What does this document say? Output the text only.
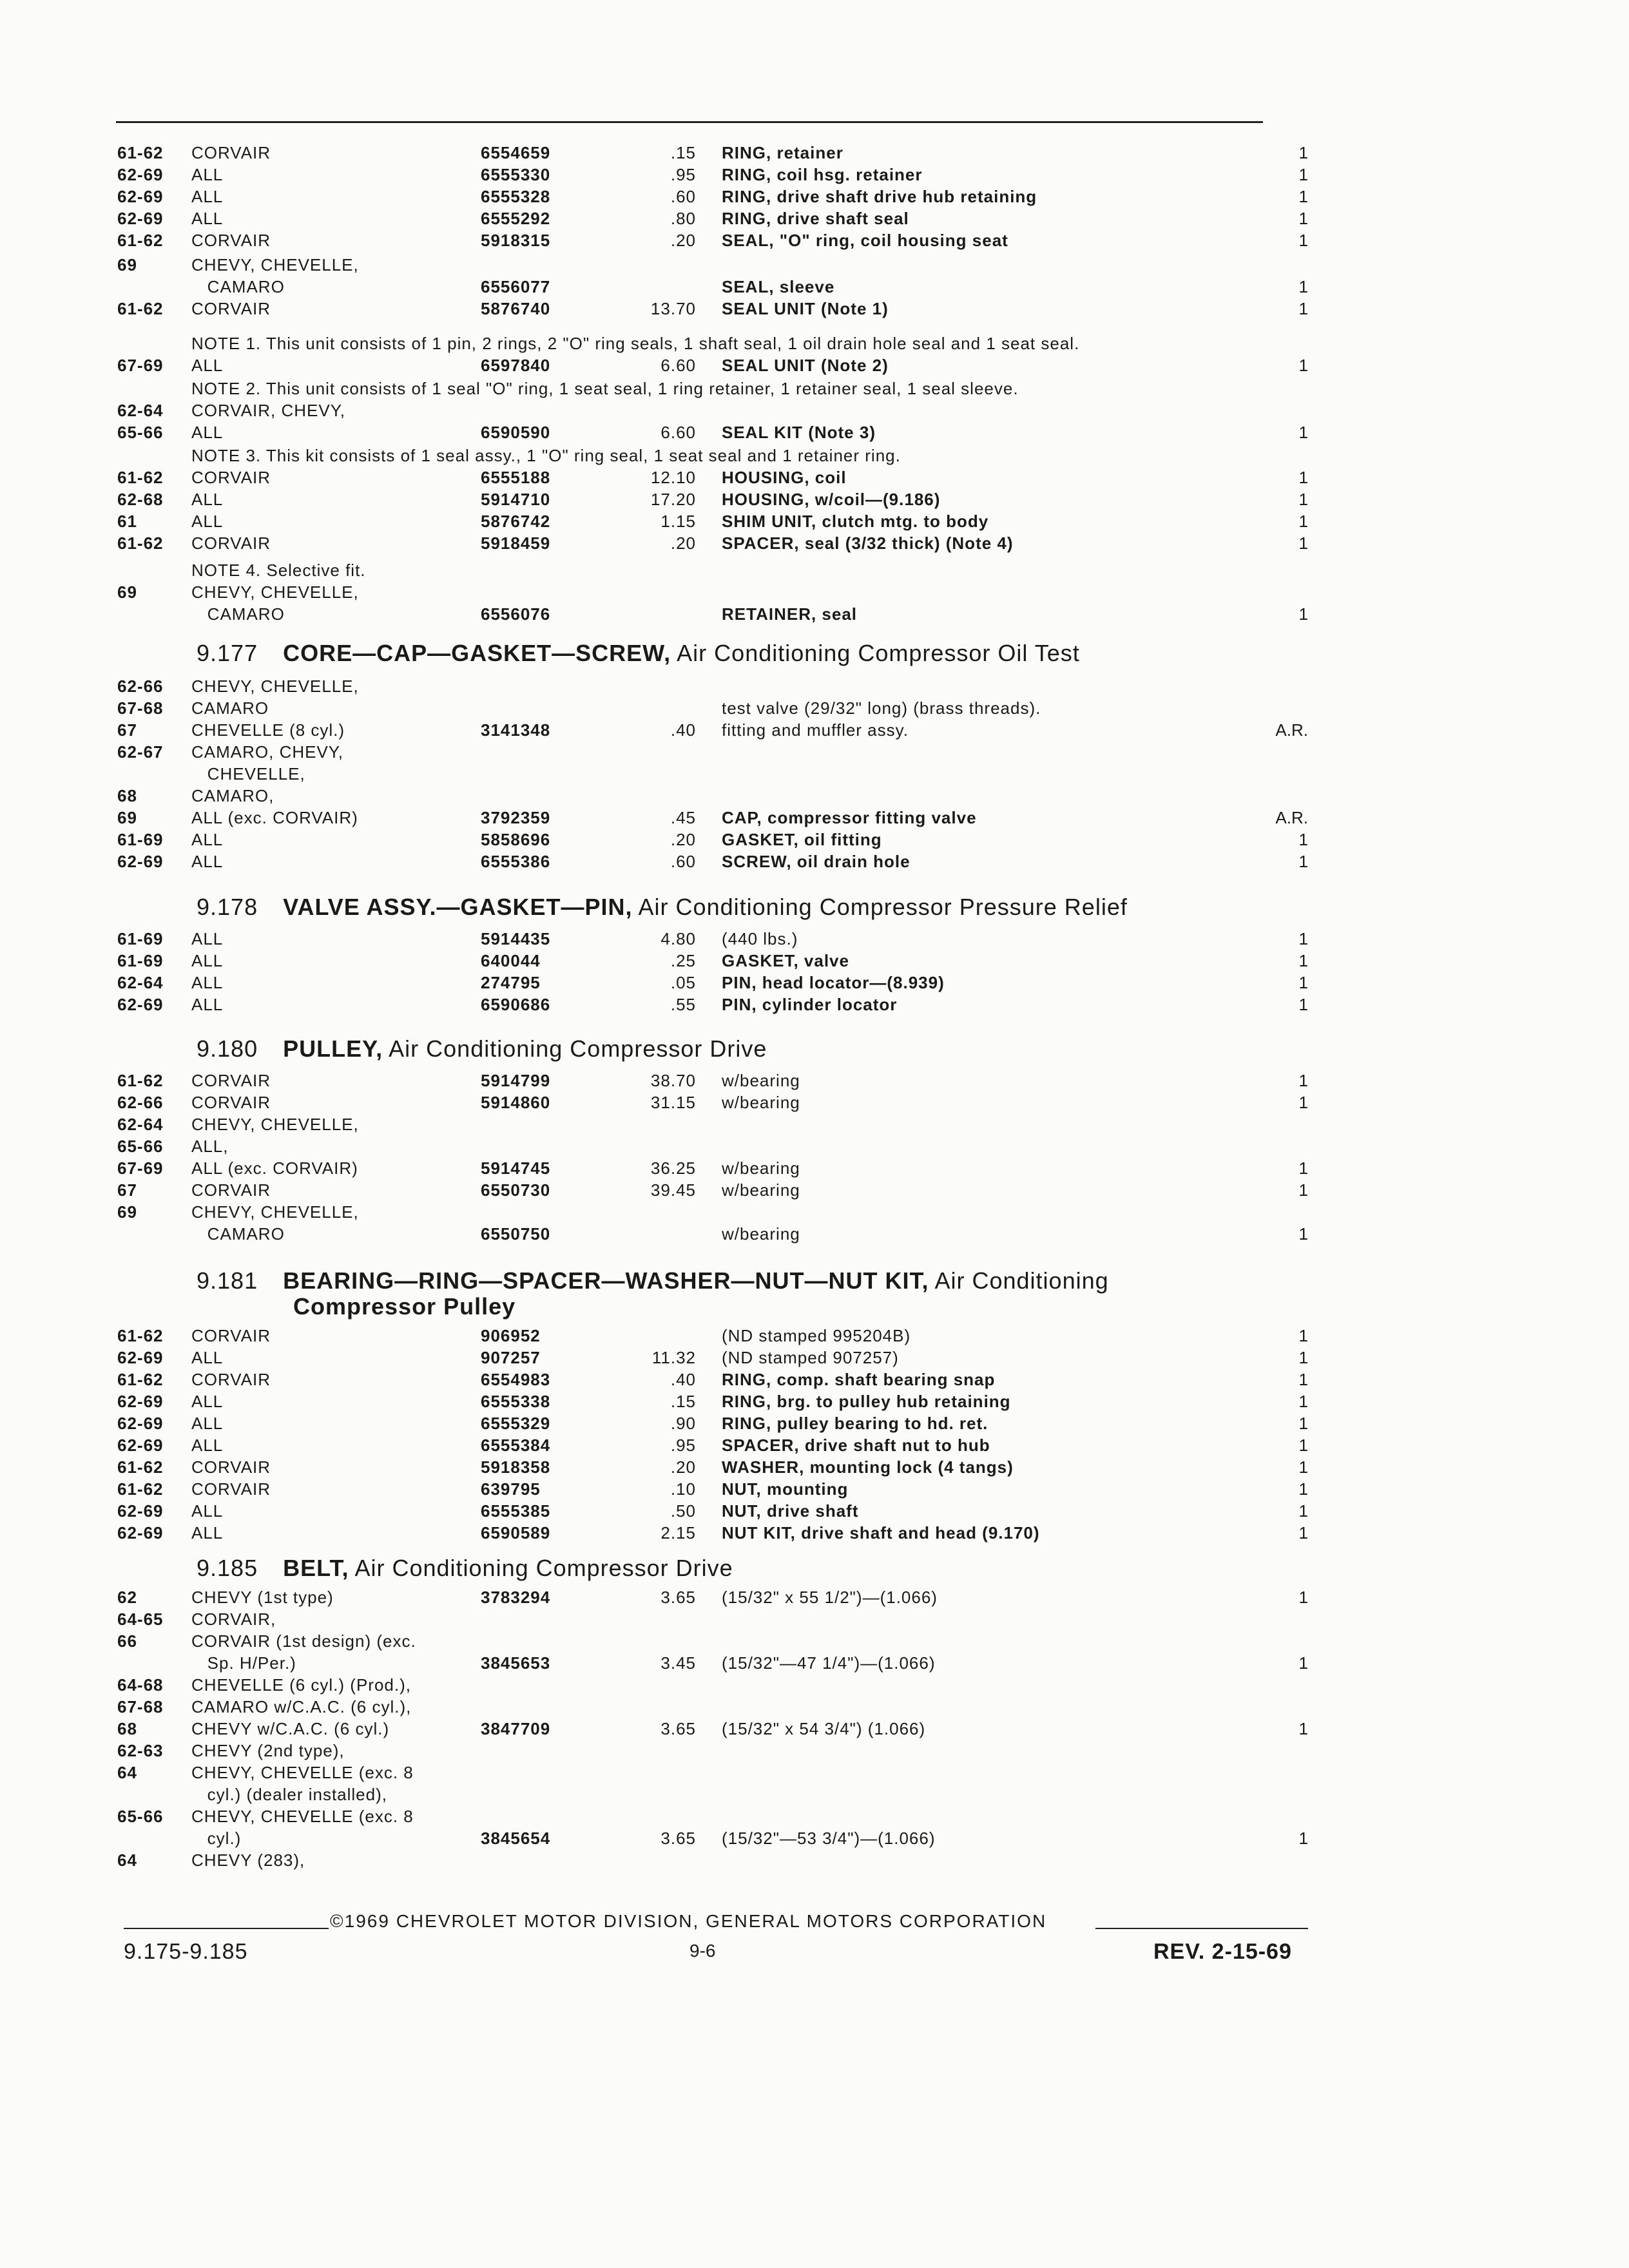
61-62 CORVAIR	6554659	.15 RING, retainer	1
62-69 ALL	6555330	.95 RING, coil hsg. retainer	1
62-69 ALL	6555328	.60 RING, drive shaft drive hub retaining	1
62-69 ALL	6555292	.80 RING, drive shaft seal	1
61-62 CORVAIR	5918315	.20 SEAL, "O" ring, coil housing seat	1
69	CHEVY, CHEVELLE,
CAMARO	6556077	SEAL, sleeve	1
61-62 CORVAIR	5876740	13.70 SEAL UNIT (Note 1)	1
NOTE 1. This unit consists of 1 pin, 2 rings, 2 "O" ring seals, 1 shaft seal, 1 oil drain hole seal and 1 seat seal.
67-69 ALL	6597840	6.60 SEAL UNIT (Note 2)	1
NOTE 2. This unit consists of 1 seal "O" ring, 1 seat seal, 1 ring retainer, 1 retainer seal, 1 seal sleeve.
62-64 CORVAIR, CHEVY,
65-66 ALL	6590590	6.60 SEAL KIT (Note 3)	1
NOTE 3. This kit consists of 1 seal assy., 1 "O" ring seal, 1 seat seal and 1 retainer ring.
61-62 CORVAIR	6555188	12.10 HOUSING, coil	1
62-68 ALL	5914710	17.20 HOUSING, w/coil—(9.186)	1
61	ALL	5876742	1.15 SHIM UNIT, clutch mtg. to body	1
61-62 CORVAIR	5918459	.20 SPACER, seal (3/32 thick) (Note 4)	1
NOTE 4. Selective fit.
69	CHEVY, CHEVELLE,
CAMARO	6556076	RETAINER, seal	1
9.177 CORE—CAP—GASKET—SCREW, Air Conditioning Compressor Oil Test
62-66 CHEVY, CHEVELLE,
67-68 CAMARO	test valve (29/32" long) (brass threads).
67	CHEVELLE (8 cyl.)	3141348	.40 fitting and muffler assy.	A.R.
62-67 CAMARO, CHEVY,
CHEVELLE,
68	CAMARO,
69	ALL (exc. CORVAIR)	3792359	.45 CAP, compressor fitting valve	A.R.
61-69 ALL	5858696	.20 GASKET, oil fitting	1
62-69 ALL	6555386	.60 SCREW, oil drain hole	1
9.178 VALVE ASSY.—GASKET—PIN, Air Conditioning Compressor Pressure Relief
61-69 ALL	5914435	4.80 (440 lbs.)	1
61-69 ALL	640044	.25 GASKET, valve	1
62-64 ALL	274795	.05 PIN, head locator—(8.939)	1
62-69 ALL	6590686	.55 PIN, cylinder locator	1
9.180 PULLEY, Air Conditioning Compressor Drive
61-62 CORVAIR	5914799	38.70 w/bearing	1
62-66 CORVAIR	5914860	31.15 w/bearing	1
62-64 CHEVY, CHEVELLE,
65-66 ALL,
67-69 ALL (exc. CORVAIR)	5914745	36.25 w/bearing	1
67	CORVAIR	6550730	39.45 w/bearing	1
69	CHEVY, CHEVELLE,
CAMARO	6550750	w/bearing	1
9.181 BEARING—RING—SPACER—WASHER—NUT—NUT KIT, Air Conditioning
Compressor Pulley
61-62 CORVAIR	906952	(ND stamped 995204B)	1
62-69 ALL	907257	11.32 (ND stamped 907257)	1
61-62 CORVAIR	6554983	.40 RING, comp. shaft bearing snap	1
62-69 ALL	6555338	.15 RING, brg. to pulley hub retaining	1
62-69 ALL	6555329	.90 RING, pulley bearing to hd. ret.	1
62-69 ALL	6555384	.95 SPACER, drive shaft nut to hub	1
61-62 CORVAIR	5918358	.20 WASHER, mounting lock (4 tangs)	1
61-62 CORVAIR	639795	.10 NUT, mounting	1
62-69 ALL	6555385	.50 NUT, drive shaft	1
62-69 ALL	6590589	2.15 NUT KIT, drive shaft and head (9.170)	1
9.185 BELT, Air Conditioning Compressor Drive
62	CHEVY (1st type)	3783294	3.65 (15/32" x 55 1/2")—(1.066)	1
64-65 CORVAIR,
66	CORVAIR (1st design) (exc.
Sp. H/Per.)	3845653	3.45 (15/32"—47 1/4")—(1.066)	1
64-68 CHEVELLE (6 cyl.) (Prod.),
67-68 CAMARO w/C.A.C. (6 cyl.),
68	CHEVY w/C.A.C. (6 cyl.)	3847709	3.65 (15/32" x 54 3/4") (1.066)	1
62-63 CHEVY (2nd type),
64	CHEVY, CHEVELLE (exc. 8
cyl.) (dealer installed),
65-66 CHEVY, CHEVELLE (exc. 8
cyl.)	3845654	3.65 (15/32"—53 3/4")—(1.066)	1
64	CHEVY (283),
©1969 CHEVROLET MOTOR DIVISION, GENERAL MOTORS CORPORATION
9.175-9.185	9-6	REV. 2-15-69
